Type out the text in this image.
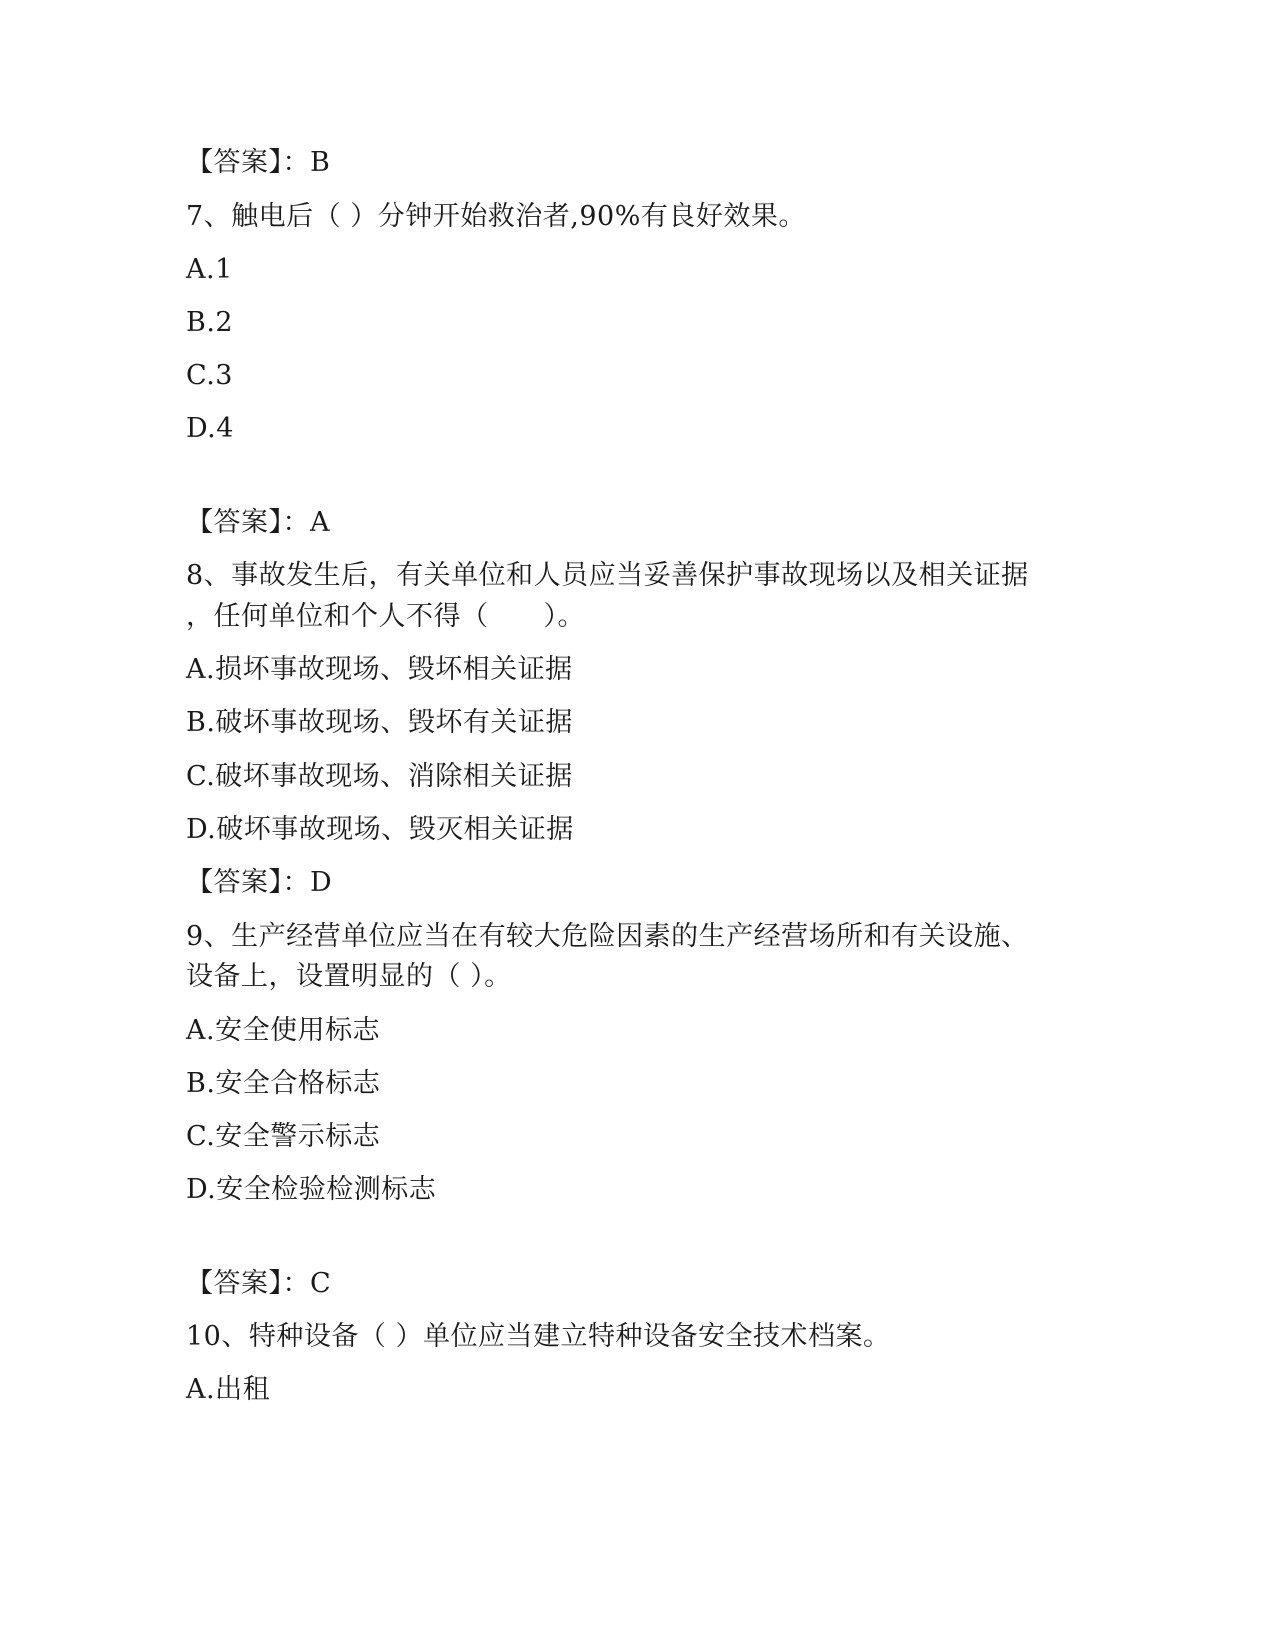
【答案】：B
7、触电后（ ）分钟开始救治者,90%有良好效果。
A.1
B.2
C.3
D.4
【答案】：A
8、事故发生后，有关单位和人员应当妥善保护事故现场以及相关证据
，任何单位和个人不得（　　）。
A.损坏事故现场、毁坏相关证据
B.破坏事故现场、毁坏有关证据
C.破坏事故现场、消除相关证据
D.破坏事故现场、毁灭相关证据
【答案】：D
9、生产经营单位应当在有较大危险因素的生产经营场所和有关设施、
设备上，设置明显的（ ）。
A.安全使用标志
B.安全合格标志
C.安全警示标志
D.安全检验检测标志
【答案】：C
10、特种设备（ ）单位应当建立特种设备安全技术档案。
A.出租
